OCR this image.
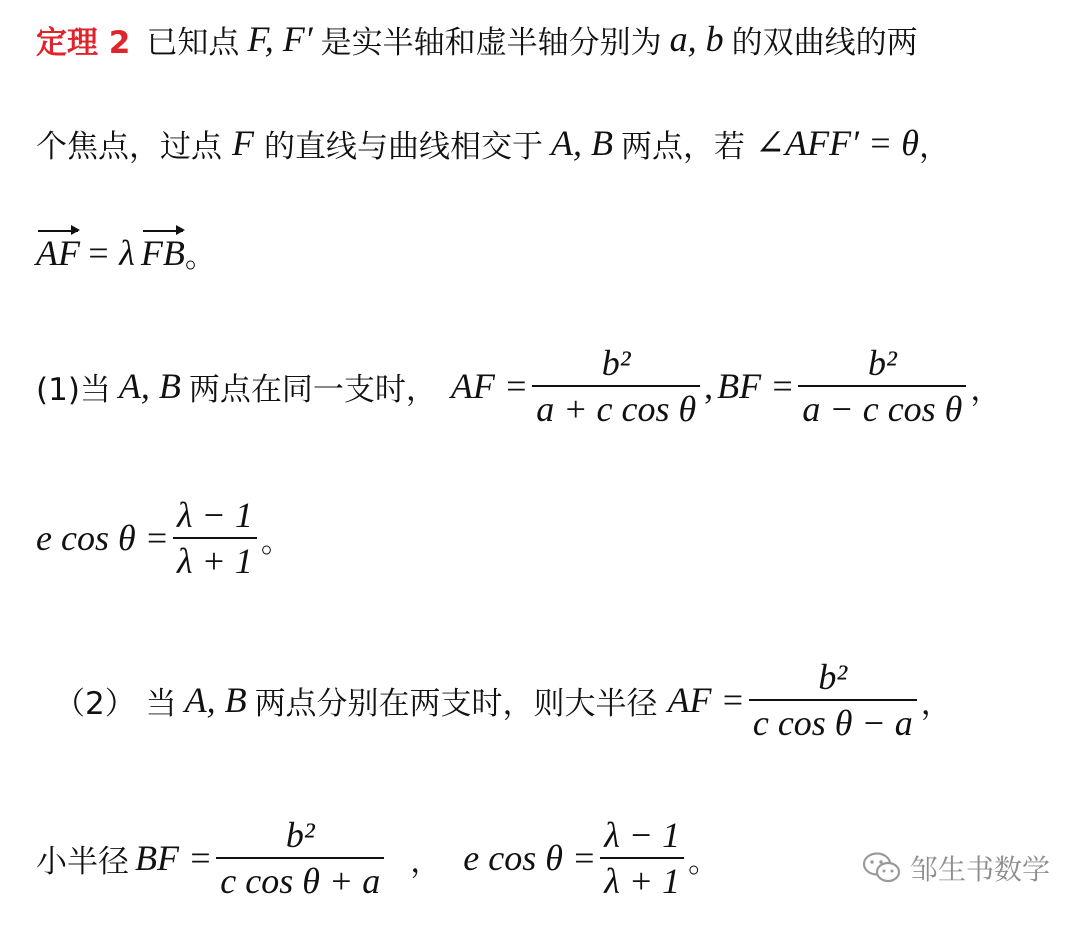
定理 2 已知点 F, F′ 是实半轴和虚半轴分别为 a, b 的双曲线的两
个焦点，过点 F 的直线与曲线相交于 A, B 两点，若 ∠AFF′ = θ ，
AF = λ FB 。
(1)当 A, B 两点在同一支时， AF = $\frac{\text{b²}}{\text{a + c cos θ}}$ , BF = $\frac{\text{b²}}{\text{a − c cos θ}}$ ，
e $\cos \theta = \frac{\lambda - 1}{\lambda + 1}$ 。
（2） 当 A, B 两点分别在两支时，则大半径 AF = $\frac{\text{b²}}{\text{c cos θ − a}}$ ，
小半径 BF = $\frac{\text{b²}}{\text{c cos θ + a}}$ ， e $\cos \theta = \frac{\lambda - 1}{\lambda + 1}$ 。	邹生书数学
